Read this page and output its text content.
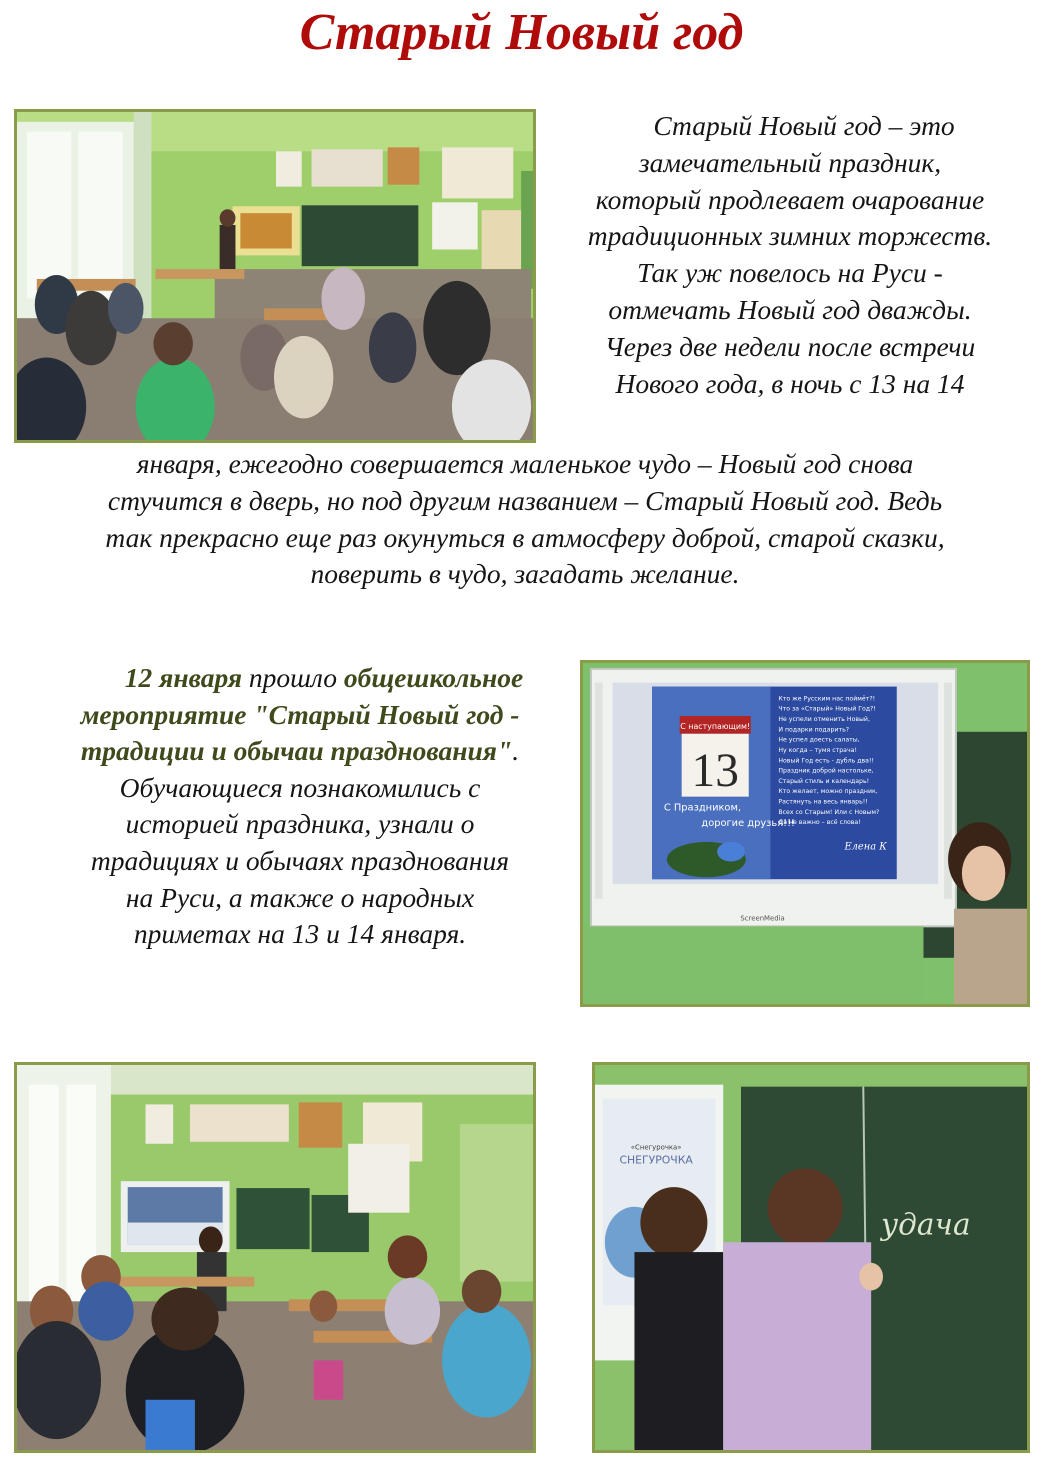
Старый Новый год
Старый Новый год – это
замечательный праздник,
который продлевает очарование
традиционных зимних торжеств.
Так уж повелось на Руси -
отмечать Новый год дважды.
Через две недели после встречи
Нового года, в ночь с 13 на 14
января, ежегодно совершается маленькое чудо – Новый год снова
стучится в дверь, но под другим названием – Старый Новый год. Ведь
так прекрасно еще раз окунуться в атмосферу доброй, старой сказки,
поверить в чудо, загадать желание.
12 января прошло общешкольное
мероприятие "Старый Новый год -
традиции и обычаи празднования".
Обучающиеся познакомились с
историей праздника, узнали о
традициях и обычаях празднования
на Руси, а также о народных
приметах на 13 и 14 января.
С наступающим!
13
С Праздником,
дорогие друзья!!!
Кто же Русским нас поймёт?!
Что за «Старый» Новый Год?!
Не успели отменить Новый,
И подарки подарить?
Не успел доесть салаты,
Ну когда – тумя страча!
Новый Год есть - дубль два!!
Праздник доброй настольке,
Старый стиль и календарь!
Кто желает, можно праздник,
Растянуть на весь январь!!
Всех со Старым! Или с Новым?
Да не важно – всё слова!
Елена К
ScreenMedia
«Снегурочка»
СНЕГУРОЧКА
удача
